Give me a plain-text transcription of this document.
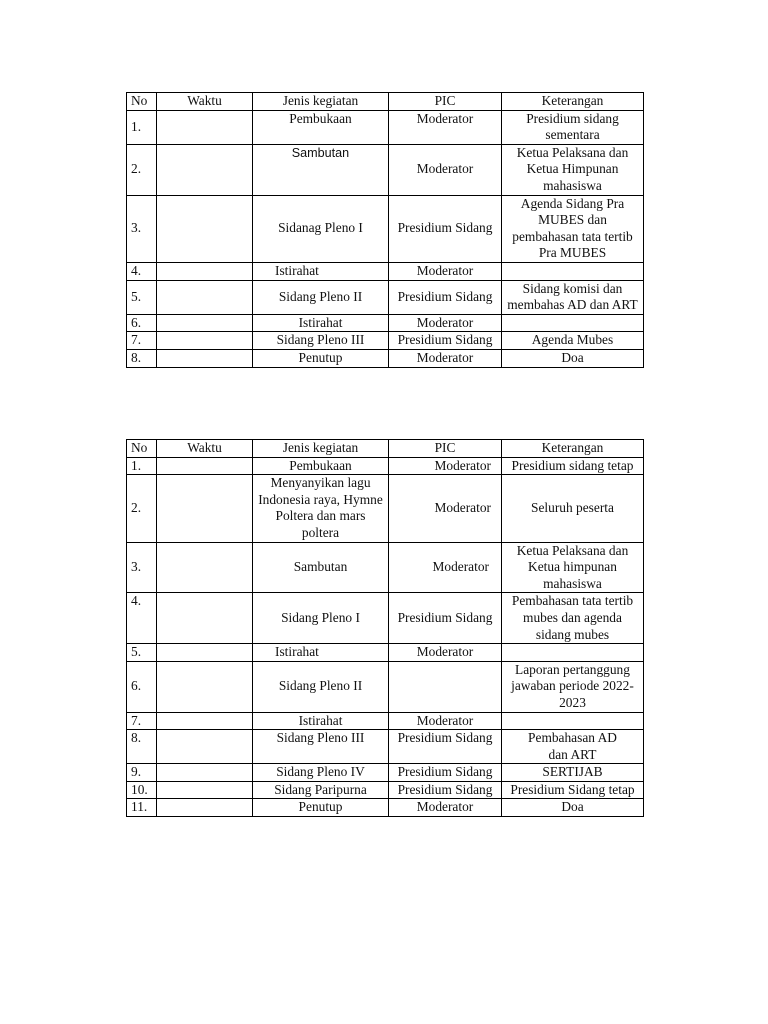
No	Waktu	Jenis kegiatan	PIC	Keterangan
1.		Pembukaan	Moderator	Presidium sidang sementara
2.		Sambutan	Moderator	Ketua Pelaksana dan Ketua Himpunan mahasiswa
3.		Sidanag Pleno I	Presidium Sidang	Agenda Sidang Pra MUBES dan pembahasan tata tertib Pra MUBES
4.		Istirahat	Moderator	
5.		Sidang Pleno II	Presidium Sidang	Sidang komisi dan membahas AD dan ART
6.		Istirahat	Moderator	
7.		Sidang Pleno III	Presidium Sidang	Agenda Mubes
8.		Penutup	Moderator	Doa
No	Waktu	Jenis kegiatan	PIC	Keterangan
1.		Pembukaan	Moderator	Presidium sidang tetap
2.		Menyanyikan lagu Indonesia raya, Hymne Poltera dan mars poltera	Moderator	Seluruh peserta
3.		Sambutan	Moderator	Ketua Pelaksana dan Ketua himpunan mahasiswa
4.		Sidang Pleno I	Presidium Sidang	Pembahasan tata tertib mubes dan agenda sidang mubes
5.		Istirahat	Moderator	
6.		Sidang Pleno II		Laporan pertanggung jawaban periode 2022-2023
7.		Istirahat	Moderator	
8.		Sidang Pleno III	Presidium Sidang	Pembahasan AD dan ART
9.		Sidang Pleno IV	Presidium Sidang	SERTIJAB
10.		Sidang Paripurna	Presidium Sidang	Presidium Sidang tetap
11.		Penutup	Moderator	Doa
